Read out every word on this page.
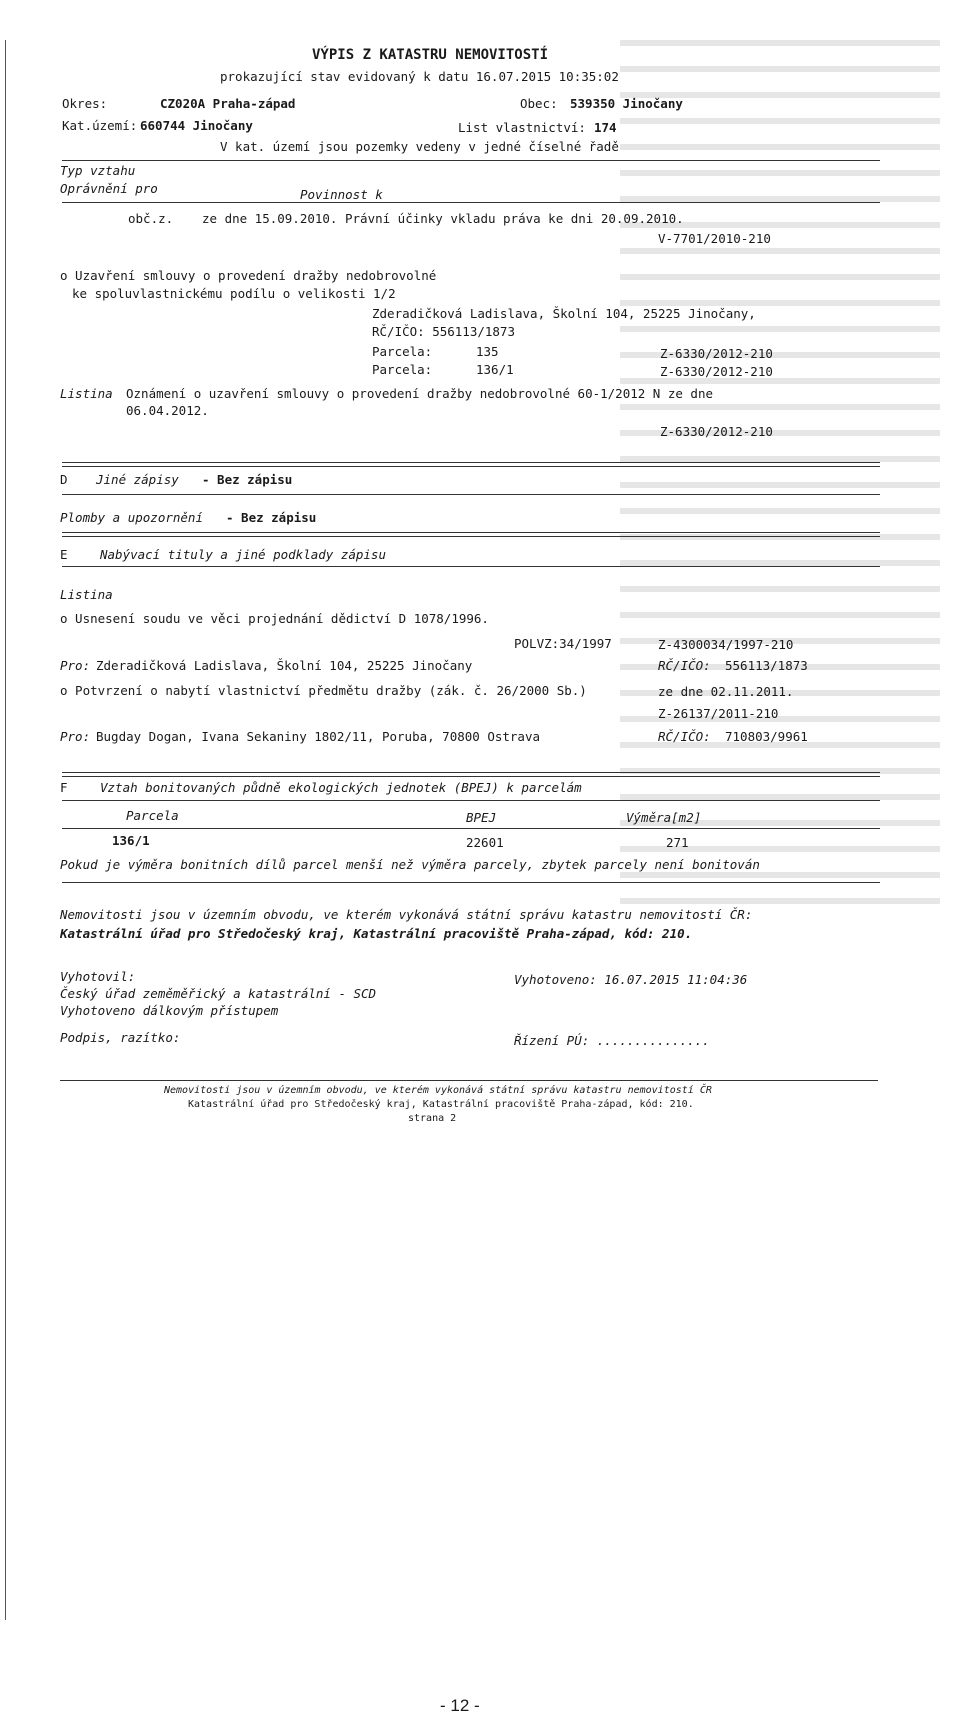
VÝPIS Z KATASTRU NEMOVITOSTÍ
prokazující stav evidovaný k datu 16.07.2015 10:35:02
Okres:	CZ020A Praha-západ	Obec: 539350 Jinočany
Kat.území: 660744 Jinočany	List vlastnictví: 174
V kat. území jsou pozemky vedeny v jedné číselné řadě
Typ vztahu
Oprávnění pro	Povinnost k
obč.z. ze dne 15.09.2010. Právní účinky vkladu práva ke dni 20.09.2010.
V-7701/2010-210
o Uzavření smlouvy o provedení dražby nedobrovolné
ke spoluvlastnickému podílu o velikosti 1/2
Zderadičková Ladislava, Školní 104, 25225 Jinočany,
RČ/IČO: 556113/1873
Parcela:	135	Z-6330/2012-210
Parcela:	136/1	Z-6330/2012-210
Listina Oznámení o uzavření smlouvy o provedení dražby nedobrovolné 60-1/2012 N ze dne
06.04.2012.
Z-6330/2012-210
D Jiné zápisy - Bez zápisu
Plomby a upozornění - Bez zápisu
E	Nabývací tituly a jiné podklady zápisu
Listina
o Usnesení soudu ve věci projednání dědictví D 1078/1996.
POLVZ:34/1997	Z-4300034/1997-210
Pro: Zderadičková Ladislava, Školní 104, 25225 Jinočany	RČ/IČO: 556113/1873
o Potvrzení o nabytí vlastnictví předmětu dražby (zák. č. 26/2000 Sb.)	ze dne 02.11.2011.
Z-26137/2011-210
Pro: Bugday Dogan, Ivana Sekaniny 1802/11, Poruba, 70800 Ostrava	RČ/IČO: 710803/9961
F	Vztah bonitovaných půdně ekologických jednotek (BPEJ) k parcelám
Parcela	BPEJ	Výměra[m2]
136/1	22601	271
Pokud je výměra bonitních dílů parcel menší než výměra parcely, zbytek parcely není bonitován
Nemovitosti jsou v územním obvodu, ve kterém vykonává státní správu katastru nemovitostí ČR:
Katastrální úřad pro Středočeský kraj, Katastrální pracoviště Praha-západ, kód: 210.
Vyhotovil:
Český úřad zeměměřický a katastrální - SCD
Vyhotoveno dálkovým přístupem
Vyhotoveno: 16.07.2015 11:04:36
Podpis, razítko:	Řízení PÚ: ...............
Nemovitosti jsou v územním obvodu, ve kterém vykonává státní správu katastru nemovitostí ČR
Katastrální úřad pro Středočeský kraj, Katastrální pracoviště Praha-západ, kód: 210.
strana 2
- 12 -
